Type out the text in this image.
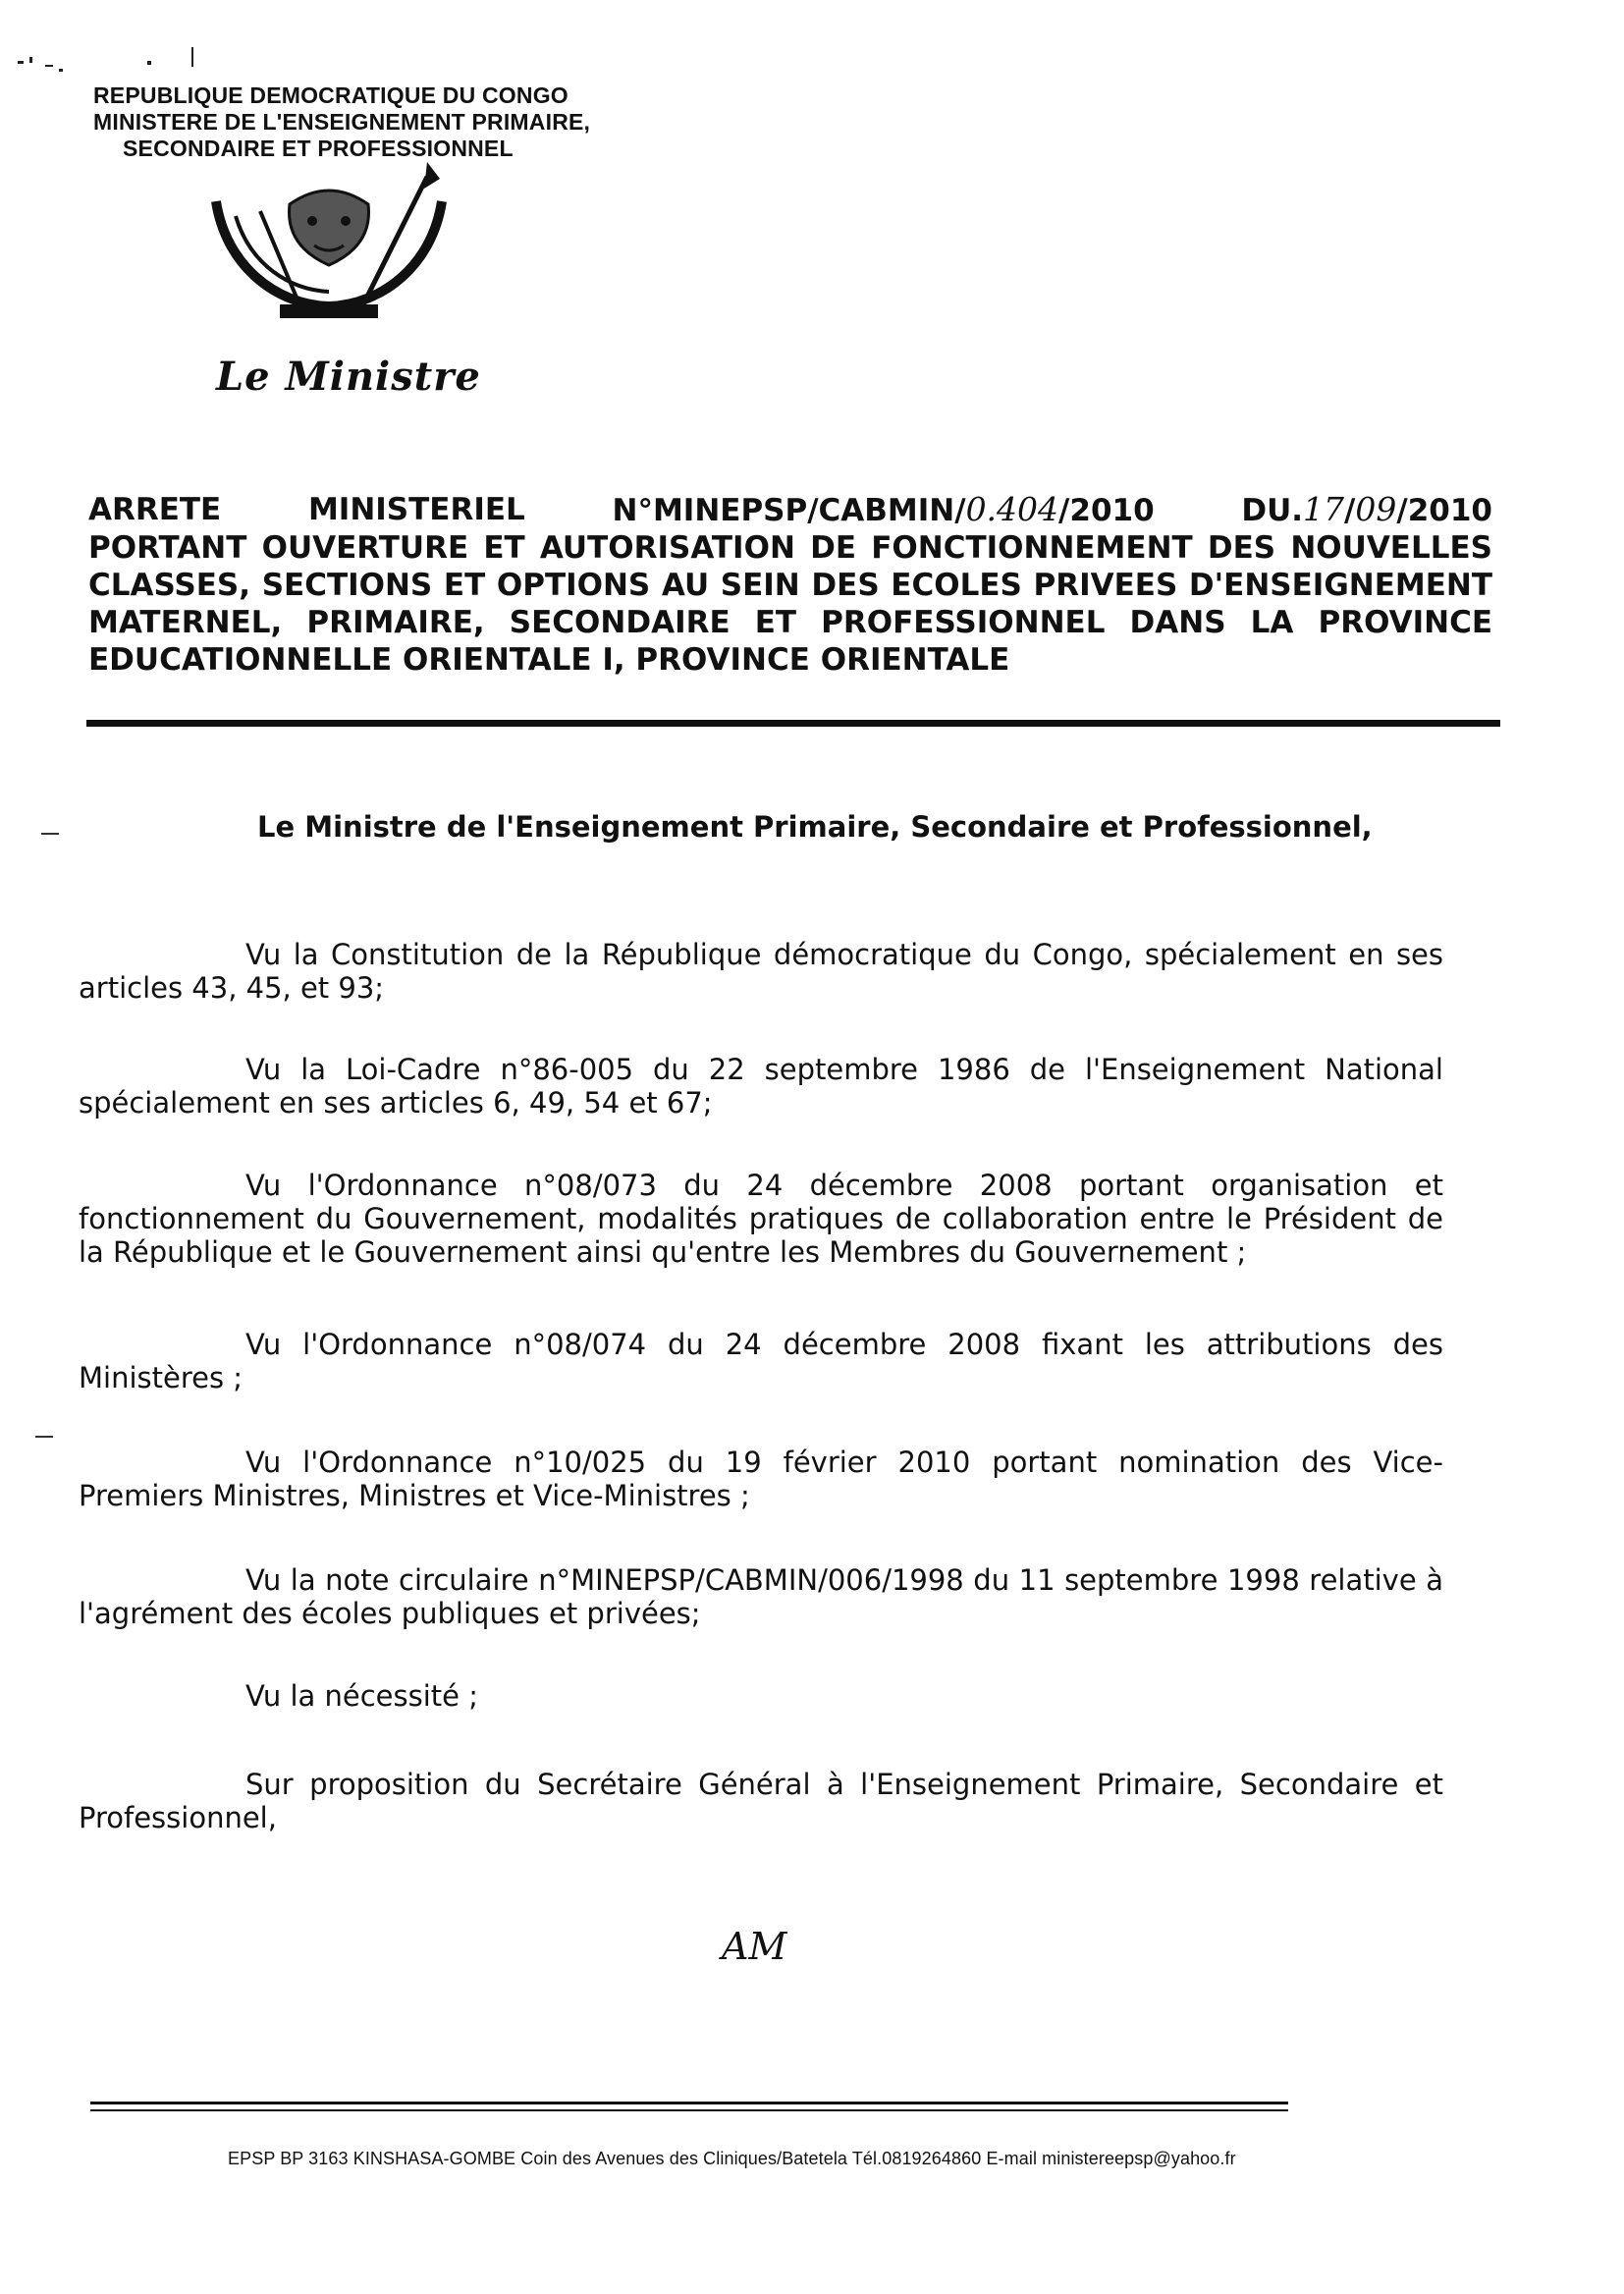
REPUBLIQUE DEMOCRATIQUE DU CONGO
MINISTERE DE L'ENSEIGNEMENT PRIMAIRE,
SECONDAIRE ET PROFESSIONNEL
Le Ministre
ARRETE	MINISTERIEL	N°MINEPSP/CABMIN/0.404/2010	DU.17/09/2010
PORTANT OUVERTURE ET AUTORISATION DE FONCTIONNEMENT DES NOUVELLES
CLASSES, SECTIONS ET OPTIONS AU SEIN DES ECOLES PRIVEES D'ENSEIGNEMENT
MATERNEL, PRIMAIRE, SECONDAIRE ET PROFESSIONNEL DANS LA PROVINCE
EDUCATIONNELLE ORIENTALE I, PROVINCE ORIENTALE
Le Ministre de l'Enseignement Primaire, Secondaire et Professionnel,
Vu la Constitution de la République démocratique du Congo, spécialement en ses articles 43, 45, et 93;
Vu la Loi-Cadre n°86-005 du 22 septembre 1986 de l'Enseignement National spécialement en ses articles 6, 49, 54 et 67;
Vu l'Ordonnance n°08/073 du 24 décembre 2008 portant organisation et fonctionnement du Gouvernement, modalités pratiques de collaboration entre le Président de la République et le Gouvernement ainsi qu'entre les Membres du Gouvernement ;
Vu l'Ordonnance n°08/074 du 24 décembre 2008 fixant les attributions des Ministères ;
Vu l'Ordonnance n°10/025 du 19 février 2010 portant nomination des Vice-Premiers Ministres, Ministres et Vice-Ministres ;
Vu la note circulaire n°MINEPSP/CABMIN/006/1998 du 11 septembre 1998 relative à l'agrément des écoles publiques et privées;
Vu la nécessité ;
Sur proposition du Secrétaire Général à l'Enseignement Primaire, Secondaire et Professionnel,
AM
EPSP BP 3163 KINSHASA-GOMBE Coin des Avenues des Cliniques/Batetela Tél.0819264860 E-mail ministereepsp@yahoo.fr
